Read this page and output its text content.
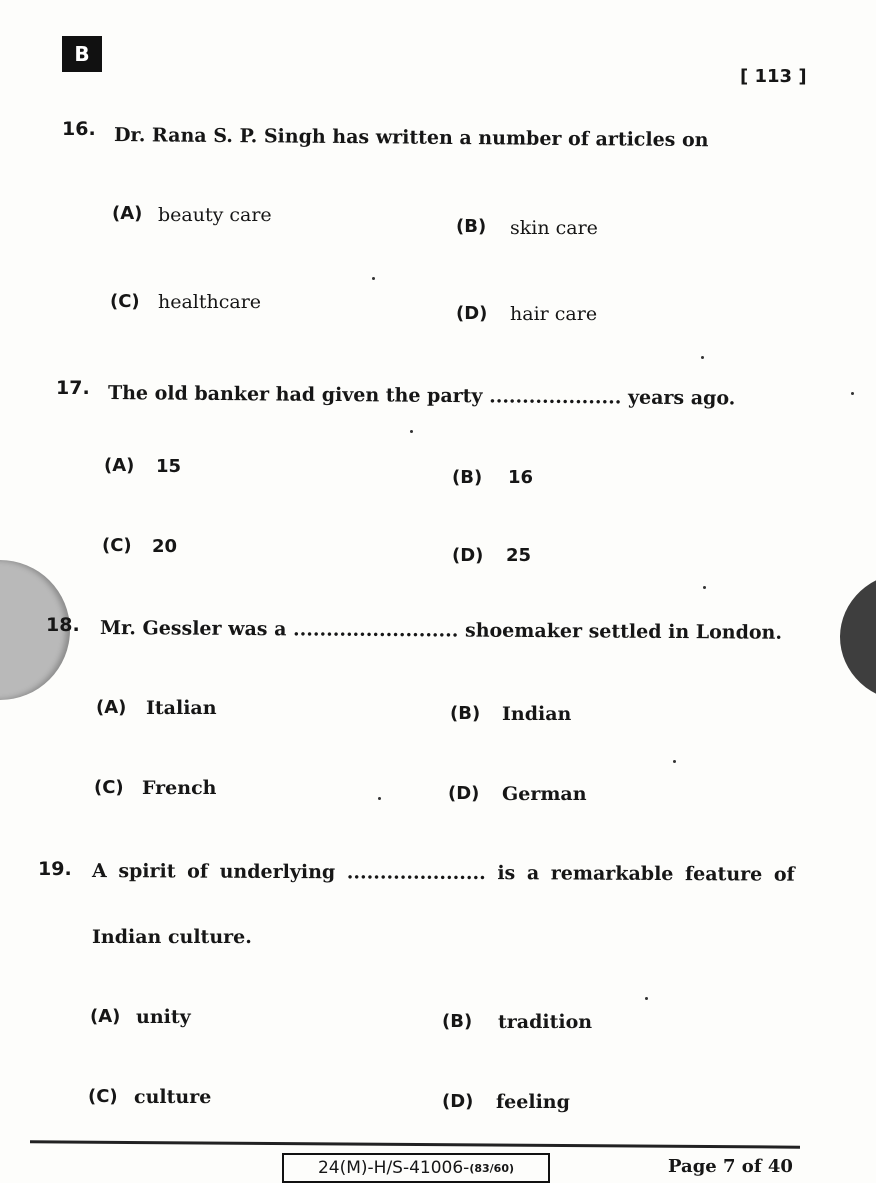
B
[ 113 ]
16. Dr. Rana S. P. Singh has written a number of articles on
(A) beauty care
(B) skin care
(C) healthcare
(D) hair care
17. The old banker had given the party .................... years ago.
(A) 15
(B) 16
(C) 20	(D) 25
18. Mr. Gessler was a ......................... shoemaker settled in London.
(A) Italian	(B) Indian
(C) French	(D) German
19. A spirit of underlying ..................... is a remarkable feature of
Indian culture.
(A) unity	(B) tradition
(C) culture	(D) feeling
24(M)-H/S-41006- (83/60)	Page 7 of 40
